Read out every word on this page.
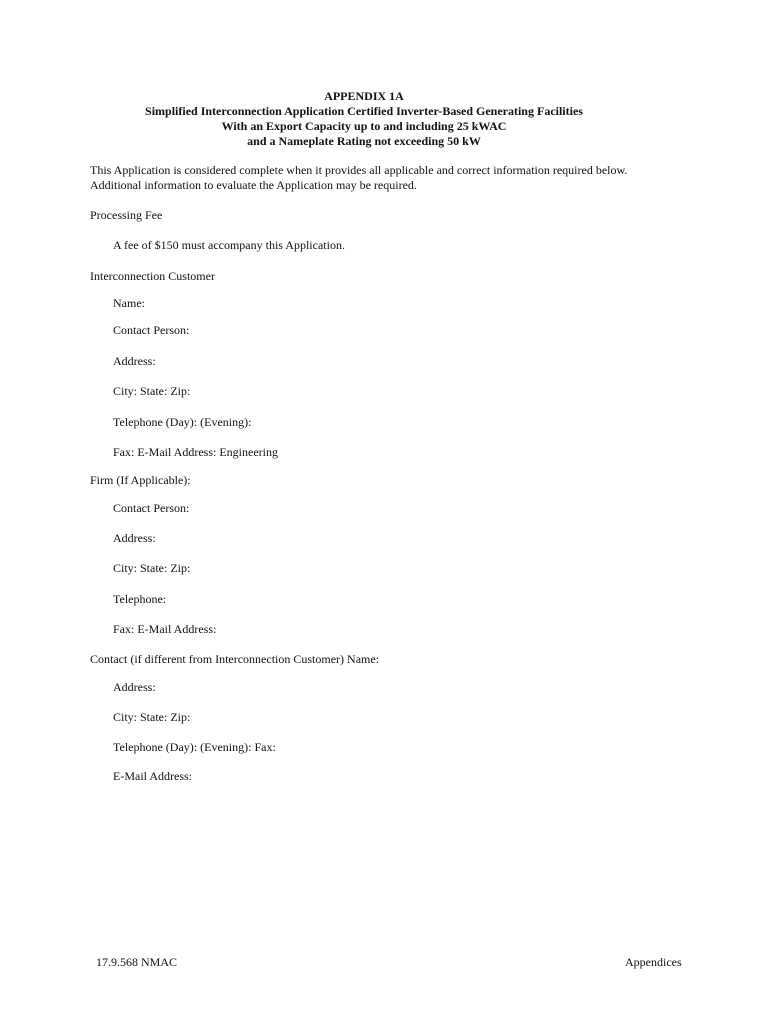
APPENDIX 1A
Simplified Interconnection Application Certified Inverter-Based Generating Facilities
With an Export Capacity up to and including 25 kWAC
and a Nameplate Rating not exceeding 50 kW
This Application is considered complete when it provides all applicable and correct information required below.
Additional information to evaluate the Application may be required.
Processing Fee
A fee of $150 must accompany this Application.
Interconnection Customer
Name:
Contact Person:
Address:
City: State: Zip:
Telephone (Day): (Evening):
Fax: E-Mail Address: Engineering
Firm (If Applicable):
Contact Person:
Address:
City: State: Zip:
Telephone:
Fax: E-Mail Address:
Contact (if different from Interconnection Customer) Name:
Address:
City: State: Zip:
Telephone (Day): (Evening): Fax:
E-Mail Address:
17.9.568 NMAC	Appendices
